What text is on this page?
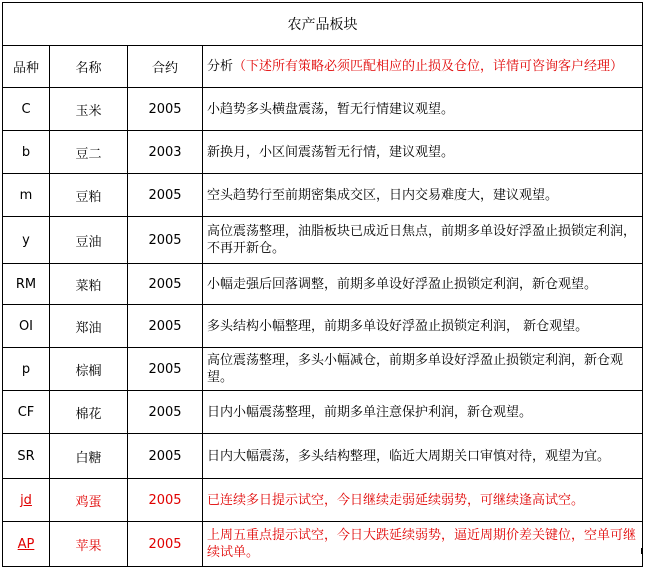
农产品板块			
品种	名称	合约	分析（下述所有策略必须匹配相应的止损及仓位，详情可咨询客户经理）
C	玉米	2005	小趋势多头横盘震荡，暂无行情建议观望。
b	豆二	2003	新换月，小区间震荡暂无行情，建议观望。
m	豆粕	2005	空头趋势行至前期密集成交区，日内交易难度大，建议观望。
y	豆油	2005	高位震荡整理，油脂板块已成近日焦点，前期多单设好浮盈止损锁定利润，不再开新仓。
RM	菜粕	2005	小幅走强后回落调整，前期多单设好浮盈止损锁定利润，新仓观望。
OI	郑油	2005	多头结构小幅整理，前期多单设好浮盈止损锁定利润， 新仓观望。
p	棕榈	2005	高位震荡整理，多头小幅减仓，前期多单设好浮盈止损锁定利润，新仓观望。
CF	棉花	2005	日内小幅震荡整理，前期多单注意保护利润，新仓观望。
SR	白糖	2005	日内大幅震荡，多头结构整理，临近大周期关口审慎对待，观望为宜。
jd	鸡蛋	2005	已连续多日提示试空，今日继续走弱延续弱势，可继续逢高试空。
AP	苹果	2005	上周五重点提示试空，今日大跌延续弱势，逼近周期价差关键位，空单可继续试单。
